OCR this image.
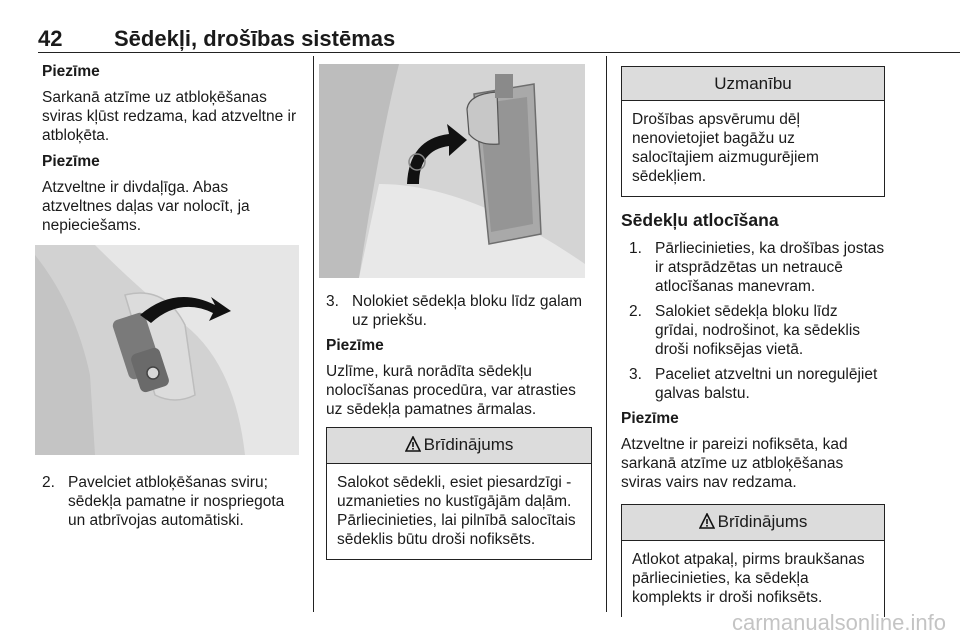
42 Sēdekļi, drošības sistēmas

Piezīme

Sarkanā atzīme uz atbloķēšanas sviras kļūst redzama, kad atzveltne ir atbloķēta.

Piezīme

Atzveltne ir divdaļīga. Abas atzveltnes daļas var nolocīt, ja nepieciešams.

2. Pavelciet atbloķēšanas sviru; sēdekļa pamatne ir nospriegota un atbrīvojas automātiski.
3. Nolokiet sēdekļa bloku līdz galam uz priekšu.

Piezīme

Uzlīme, kurā norādīta sēdekļu nolocīšanas procedūra, var atrasties uz sēdekļa pamatnes ārmalas.

Brīdinājums
Salokot sēdekli, esiet piesardzīgi - uzmanieties no kustīgājām daļām. Pārliecinieties, lai pilnībā salocītais sēdeklis būtu droši nofiksēts.
Uzmanību
Drošības apsvērumu dēļ nenovietojiet bagāžu uz salocītajiem aizmugurējiem sēdekļiem.
Sēdekļu atlocīšana
1. Pārliecinieties, ka drošības jostas ir atsprādzētas un netraucē atlocīšanas manevram.
2. Salokiet sēdekļa bloku līdz grīdai, nodrošinot, ka sēdeklis droši nofiksējas vietā.
3. Paceliet atzveltni un noregulējiet galvas balstu.

Piezīme

Atzveltne ir pareizi nofiksēta, kad sarkanā atzīme uz atbloķēšanas sviras vairs nav redzama.

Brīdinājums
Atlokot atpakaļ, pirms braukšanas pārliecinieties, ka sēdekļa komplekts ir droši nofiksēts.
carmanualsonline.info
